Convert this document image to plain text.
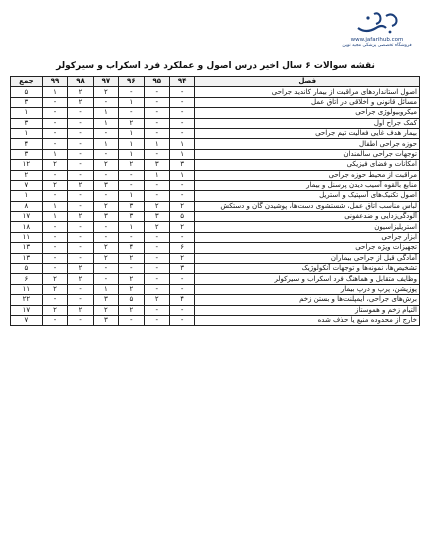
www.jafarihub.com
فروشگاه تخصصی پزشکی مجید نوین
نقشه سوالات ۶ سال اخیر درس اصول و عملکرد فرد اسکراب و سیرکولر
فصل	۹۴	۹۵	۹۶	۹۷	۹۸	۹۹	جمع
اصول استانداردهای مراقبت از بیمار کاندید جراحی	-	-	-	۲	۲	۱	۵
مسائل قانونی و اخلاقی در اتاق عمل	-	-	۱	-	۲	-	۳
میکروبیولوژی جراحی	-	-	-	۱	-	-	۱
کمک جراح اول	-	-	۲	۱	-	-	۳
بیمار هدف غایی فعالیت تیم جراحی	-	-	۱	-	-	-	۱
حوزه جراحی اطفال	۱	۱	۱	۱	-	-	۴
توجهات جراحی سالمندان	۱	-	۱	-	-	۱	۳
امکانات و فضای فیزیکی	۳	۳	۲	۲	-	۲	۱۲
مراقبت از محیط حوزه جراحی	۱	۱	-	-	-	-	۲
منابع بالقوه آسیب دیدن پرسنل و بیمار	-	-	-	۳	۲	۲	۷
اصول تکنیک‌های آسپتیک و استریل	-	-	۱	-	-	-	۱
لباس مناسب اتاق عمل، شستشوی دست‌ها، پوشیدن گان و دستکش	۲	۲	۳	۲	-	۱	۸
آلودگی‌زدایی و ضدعفونی	۵	۳	۳	۳	۲	۱	۱۷
استریلیزاسیون	۲	۲	۱	-	-	-	۱۸
ابزار جراحی	-	-	-	-	-	-	۱۱
تجهیزات ویژه جراحی	۶	-	۴	۲	-	-	۱۳
آمادگی قبل از جراحی بیماران	۲	-	۲	۲	-	-	۱۳
تشخیص‌ها، نمونه‌ها و توجهات آنکولوژیک	۳	-	-	-	۲	-	۵
وظایف متقابل و هماهنگ فرد اسکراب و سیرکولر	-	-	۲	-	۲	۲	۶
پوزیشن، پرپ و درپ بیمار	-	-	۲	۱	-	۲	۱۱
برش‌های جراحی، ایمپلنت‌ها و بستن زخم	۴	۲	۵	۳	-	-	۲۲
التیام زخم و هموستاز	-	-	۲	۲	۲	۲	۱۷
خارج از محدوده منبع یا حذف شده	-	-	-	۳	-	-	۷
